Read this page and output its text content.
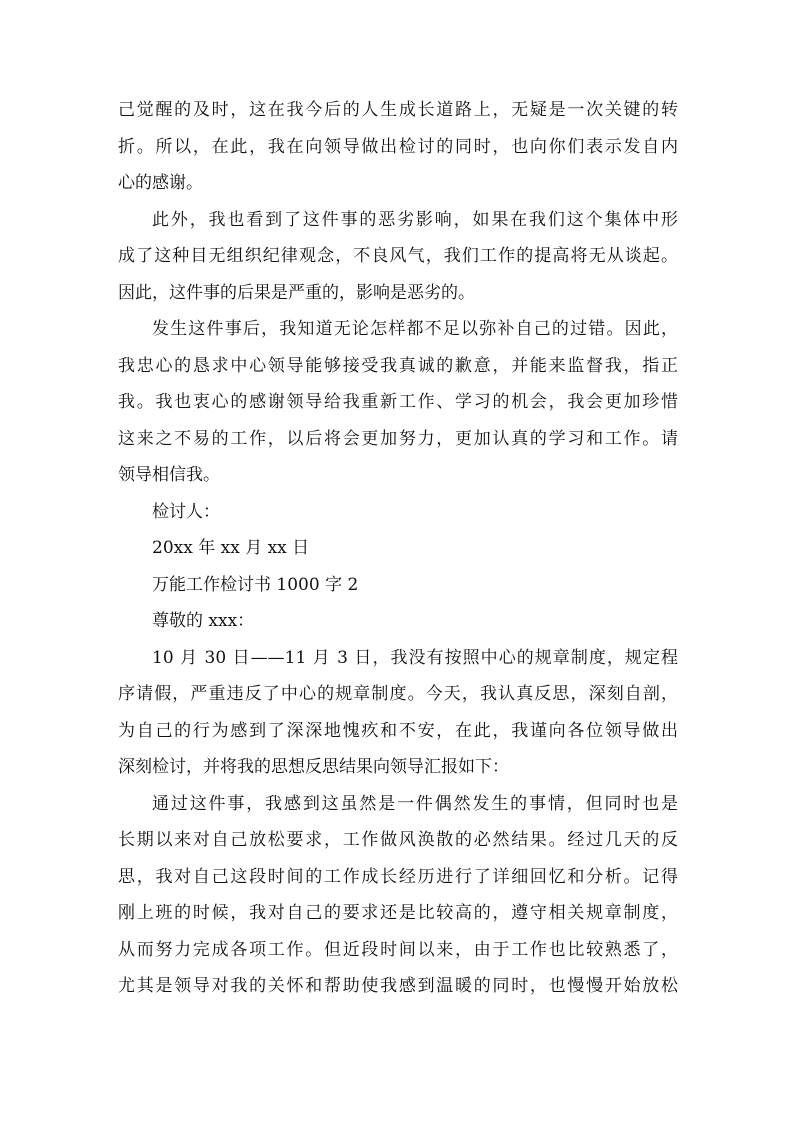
己觉醒的及时，这在我今后的人生成长道路上，无疑是一次关键的转
折。所以，在此，我在向领导做出检讨的同时，也向你们表示发自内
心的感谢。
此外，我也看到了这件事的恶劣影响，如果在我们这个集体中形
成了这种目无组织纪律观念，不良风气，我们工作的提高将无从谈起。
因此，这件事的后果是严重的，影响是恶劣的。
发生这件事后，我知道无论怎样都不足以弥补自己的过错。因此，
我忠心的恳求中心领导能够接受我真诚的歉意，并能来监督我，指正
我。我也衷心的感谢领导给我重新工作、学习的机会，我会更加珍惜
这来之不易的工作，以后将会更加努力，更加认真的学习和工作。请
领导相信我。
检讨人：
20xx 年 xx 月 xx 日
万能工作检讨书 1000 字 2
尊敬的 xxx：
10 月 30 日——11 月 3 日，我没有按照中心的规章制度，规定程
序请假，严重违反了中心的规章制度。今天，我认真反思，深刻自剖，
为自己的行为感到了深深地愧疚和不安，在此，我谨向各位领导做出
深刻检讨，并将我的思想反思结果向领导汇报如下：
通过这件事，我感到这虽然是一件偶然发生的事情，但同时也是
长期以来对自己放松要求，工作做风涣散的必然结果。经过几天的反
思，我对自己这段时间的工作成长经历进行了详细回忆和分析。记得
刚上班的时候，我对自己的要求还是比较高的，遵守相关规章制度，
从而努力完成各项工作。但近段时间以来，由于工作也比较熟悉了，
尤其是领导对我的关怀和帮助使我感到温暖的同时，也慢慢开始放松
